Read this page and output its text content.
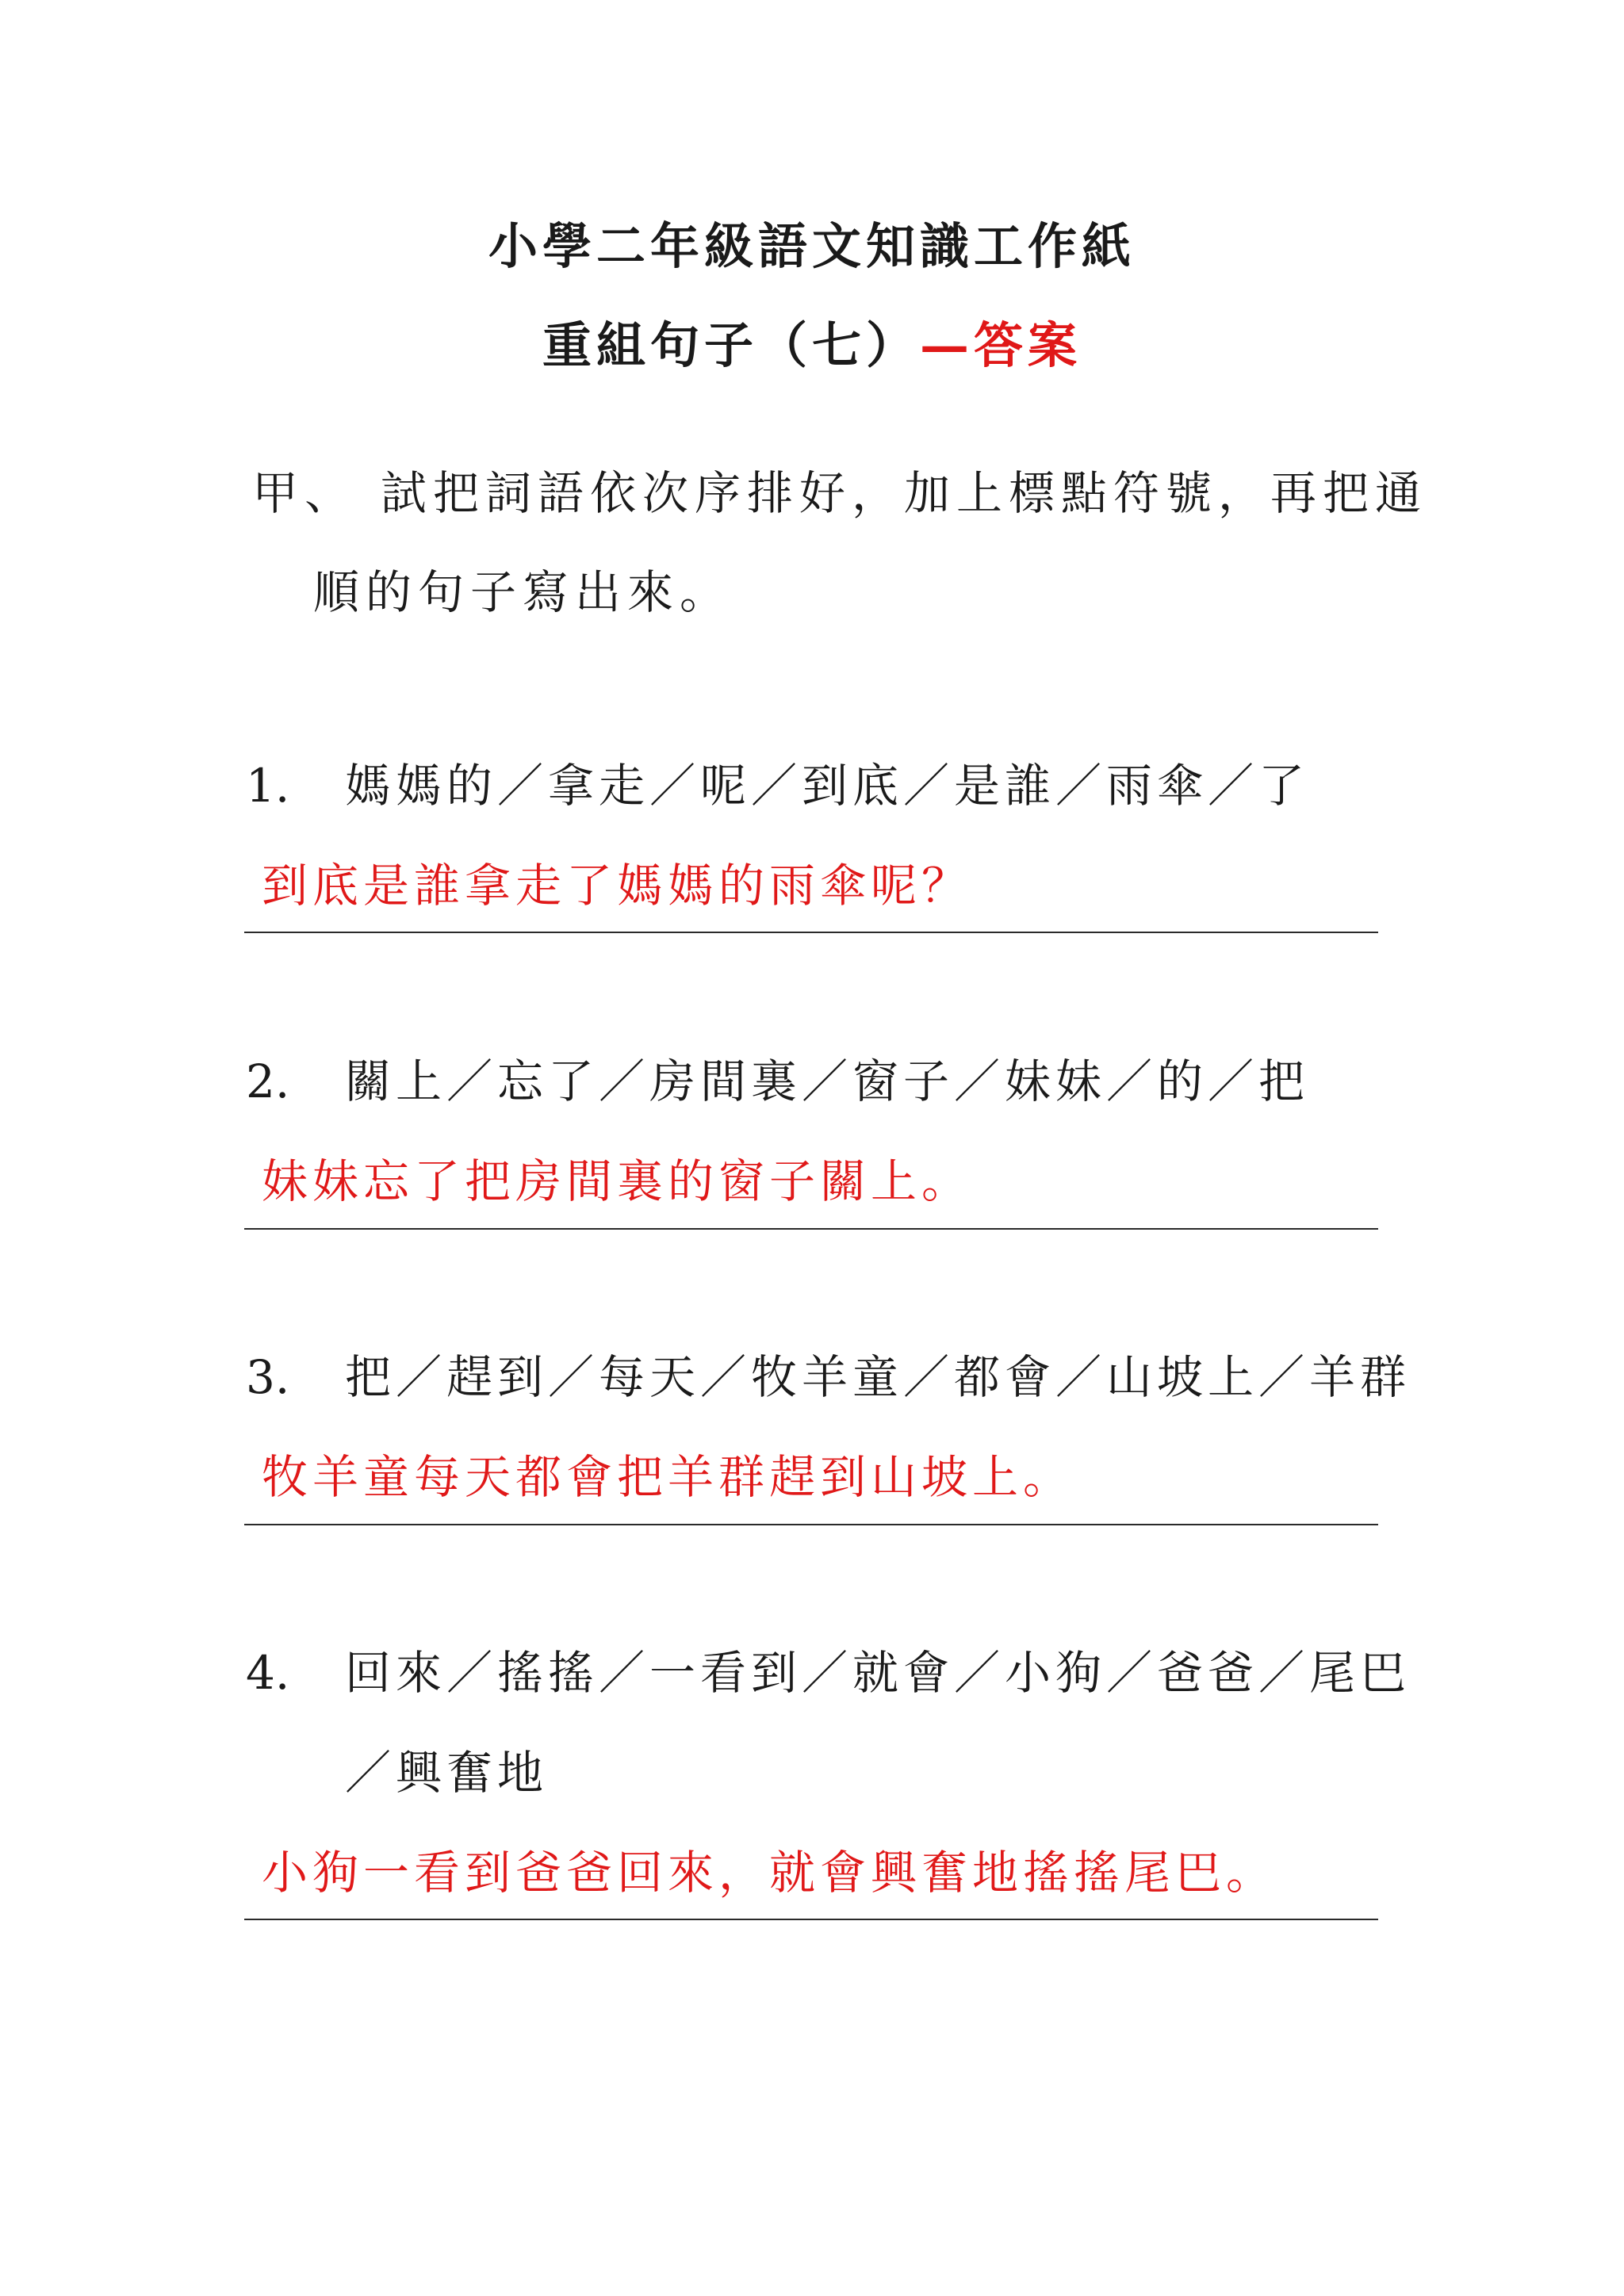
小學二年級語文知識工作紙
重組句子（七）—答案
甲、 試把詞語依次序排好，加上標點符號，再把通
順的句子寫出來。
1. 媽媽的／拿走／呢／到底／是誰／雨傘／了
到底是誰拿走了媽媽的雨傘呢？
2. 關上／忘了／房間裏／窗子／妹妹／的／把
妹妹忘了把房間裏的窗子關上。
3. 把／趕到／每天／牧羊童／都會／山坡上／羊群
牧羊童每天都會把羊群趕到山坡上。
4. 回來／搖搖／一看到／就會／小狗／爸爸／尾巴
／興奮地
小狗一看到爸爸回來，就會興奮地搖搖尾巴。
